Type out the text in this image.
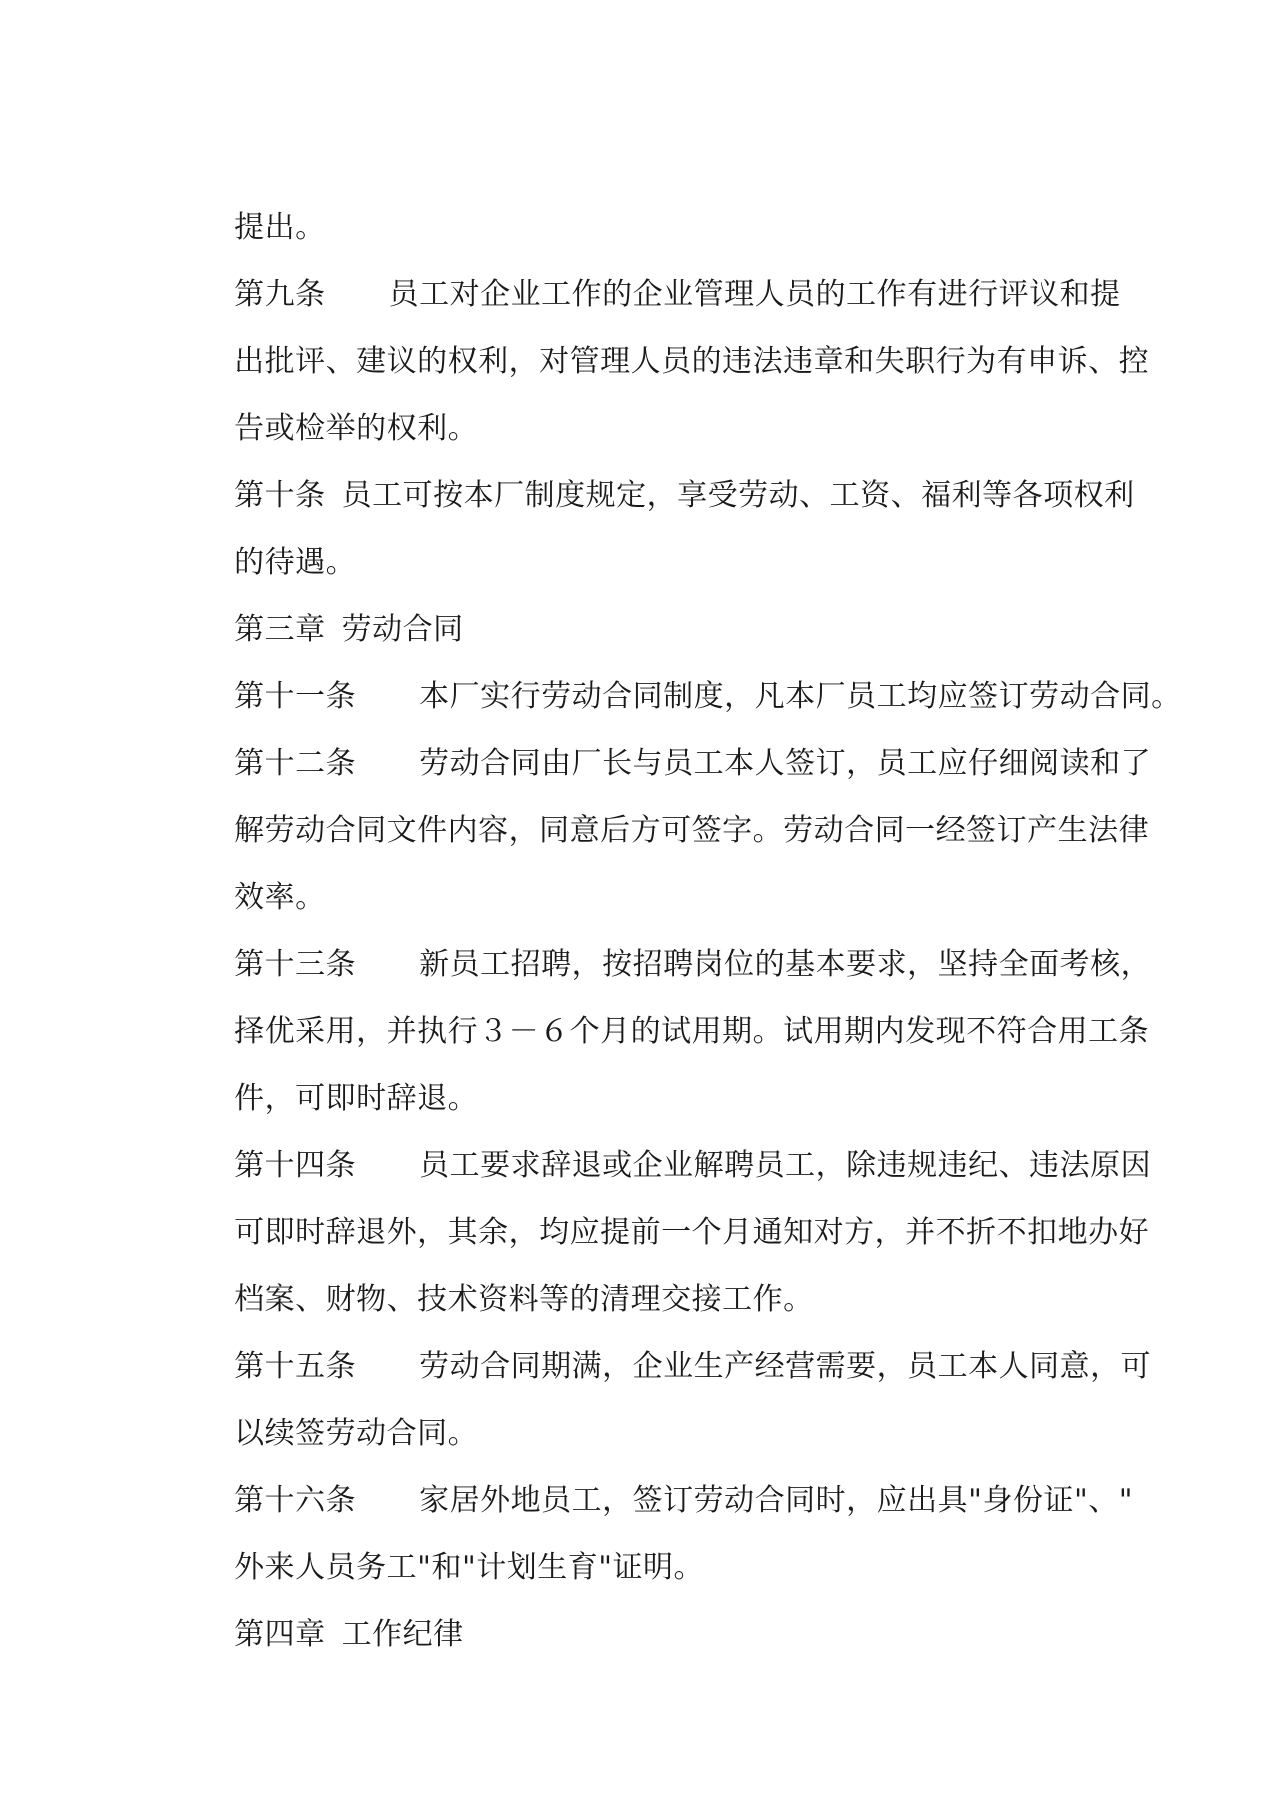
提出。

第九条 员工对企业工作的企业管理人员的工作有进行评议和提

出批评、建议的权利，对管理人员的违法违章和失职行为有申诉、控

告或检举的权利。

第十条 员工可按本厂制度规定，享受劳动、工资、福利等各项权利

的待遇。

第三章 劳动合同

第十一条 本厂实行劳动合同制度，凡本厂员工均应签订劳动合同。

第十二条 劳动合同由厂长与员工本人签订，员工应仔细阅读和了

解劳动合同文件内容，同意后方可签字。劳动合同一经签订产生法律

效率。

第十三条 新员工招聘，按招聘岗位的基本要求，坚持全面考核，

择优采用，并执行３－６个月的试用期。试用期内发现不符合用工条

件，可即时辞退。

第十四条 员工要求辞退或企业解聘员工，除违规违纪、违法原因

可即时辞退外，其余，均应提前一个月通知对方，并不折不扣地办好

档案、财物、技术资料等的清理交接工作。

第十五条 劳动合同期满，企业生产经营需要，员工本人同意，可

以续签劳动合同。

第十六条 家居外地员工，签订劳动合同时，应出具"身份证"、"

外来人员务工"和"计划生育"证明。

第四章 工作纪律
